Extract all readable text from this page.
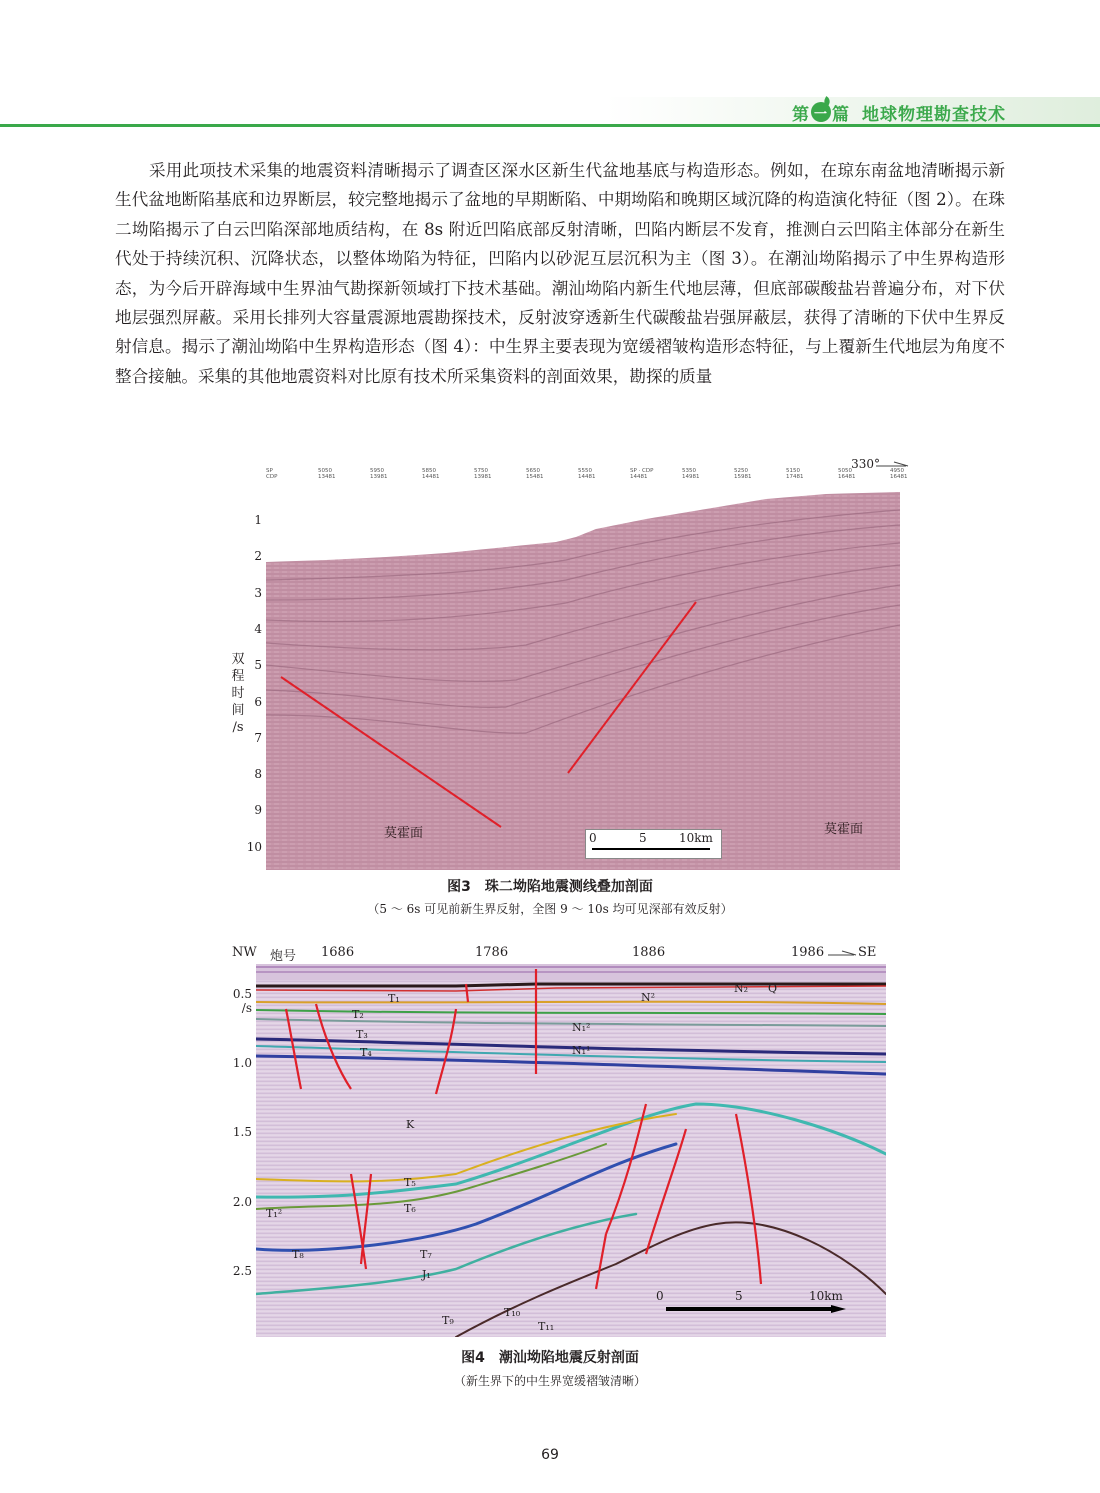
第 一 篇 地球物理勘查技术

采用此项技术采集的地震资料清晰揭示了调查区深水区新生代盆地基底与构造形态。例如，在琼东南盆地清晰揭示新生代盆地断陷基底和边界断层，较完整地揭示了盆地的早期断陷、中期坳陷和晚期区域沉降的构造演化特征（图 2）。在珠二坳陷揭示了白云凹陷深部地质结构，在 8s 附近凹陷底部反射清晰，凹陷内断层不发育，推测白云凹陷主体部分在新生代处于持续沉积、沉降状态，以整体坳陷为特征，凹陷内以砂泥互层沉积为主（图 3）。在潮汕坳陷揭示了中生界构造形态，为今后开辟海域中生界油气勘探新领域打下技术基础。潮汕坳陷内新生代地层薄，但底部碳酸盐岩普遍分布，对下伏地层强烈屏蔽。采用长排列大容量震源地震勘探技术，反射波穿透新生代碳酸盐岩强屏蔽层，获得了清晰的下伏中生界反射信息。揭示了潮汕坳陷中生界构造形态（图 4）：中生界主要表现为宽缓褶皱构造形态特征，与上覆新生代地层为角度不整合接触。采集的其他地震资料对比原有技术所采集资料的剖面效果，勘探的质量

SP
CDP
5050
13481
5950
13981
5850
14481
5750
13981
5650
15481
5550
14481
SP · CDP
14481
5350
14981
5250
15981
5150
17481
5050
16481
4950
16481
330°
1
2
3
4
5
6
7
8
9
10
双
程
时
间
/s
莫霍面	莫霍面
0	5	10km
图3　珠二坳陷地震测线叠加剖面
（5 ～ 6s 可见前新生界反射，全图 9 ～ 10s 均可见深部有效反射）
NW 炮号 1686	1786	1886	1986	SE
0.5
/s
1.0
1.5
2.0
2.5
0	5	10km
T₁
T₂
T₃
T₄
K
N₁²
N₁¹
N²
N₂ Q
T₅
T₆
T₇
T₈
J₁
T₉
T₁₀
T₁₁
T₁²
图4　潮汕坳陷地震反射剖面
（新生界下的中生界宽缓褶皱清晰）
69
